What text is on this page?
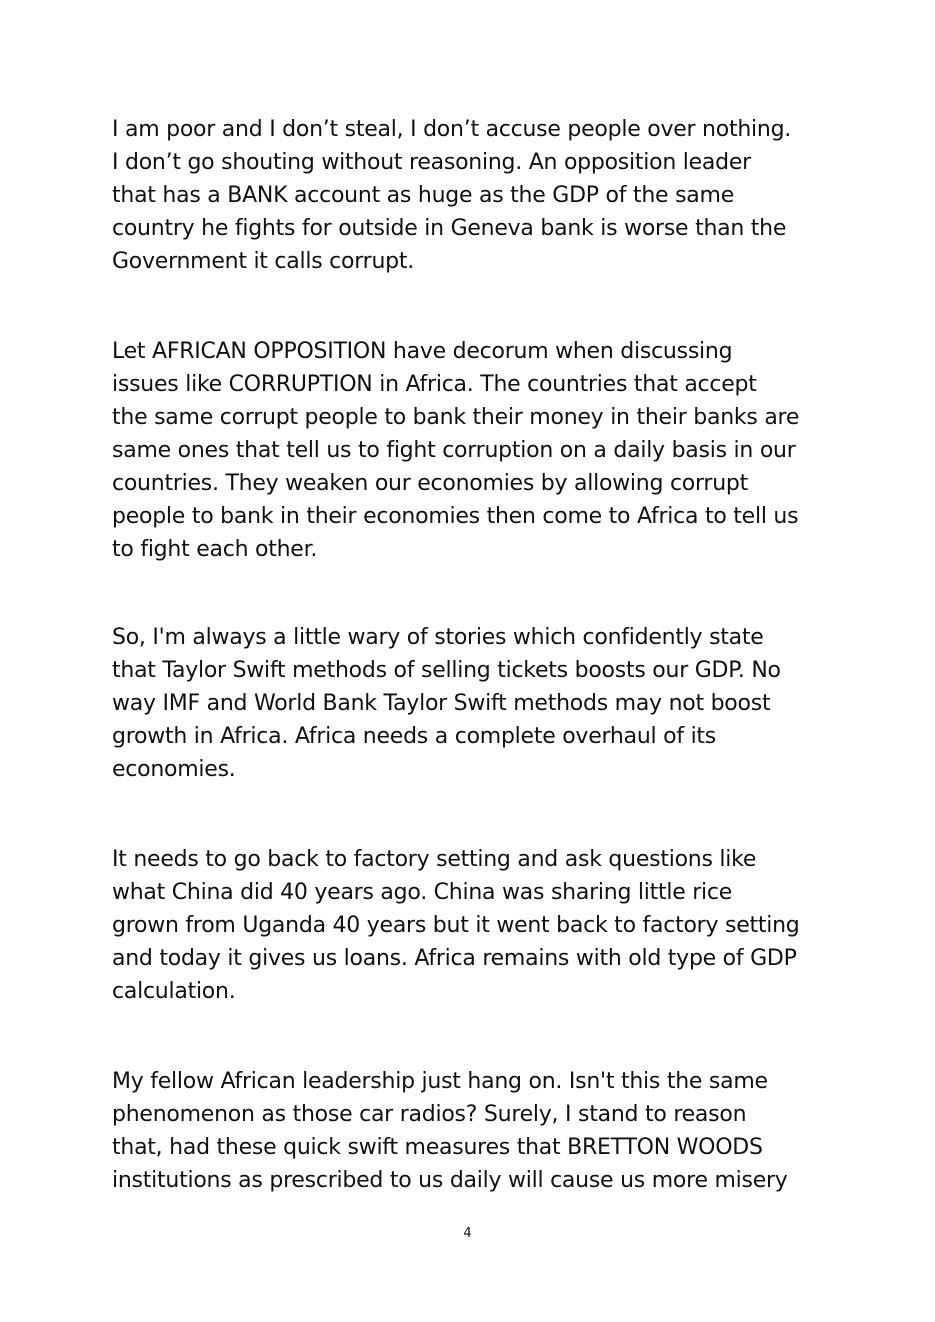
I am poor and I don’t steal, I don’t accuse people over nothing.
I don’t go shouting without reasoning. An opposition leader
that has a BANK account as huge as the GDP of the same
country he fights for outside in Geneva bank is worse than the
Government it calls corrupt.

Let AFRICAN OPPOSITION have decorum when discussing
issues like CORRUPTION in Africa. The countries that accept
the same corrupt people to bank their money in their banks are
same ones that tell us to fight corruption on a daily basis in our
countries. They weaken our economies by allowing corrupt
people to bank in their economies then come to Africa to tell us
to fight each other.

So, I'm always a little wary of stories which confidently state
that Taylor Swift methods of selling tickets boosts our GDP. No
way IMF and World Bank Taylor Swift methods may not boost
growth in Africa. Africa needs a complete overhaul of its
economies.

It needs to go back to factory setting and ask questions like
what China did 40 years ago. China was sharing little rice
grown from Uganda 40 years but it went back to factory setting
and today it gives us loans. Africa remains with old type of GDP
calculation.

My fellow African leadership just hang on. Isn't this the same
phenomenon as those car radios? Surely, I stand to reason
that, had these quick swift measures that BRETTON WOODS
institutions as prescribed to us daily will cause us more misery

4
